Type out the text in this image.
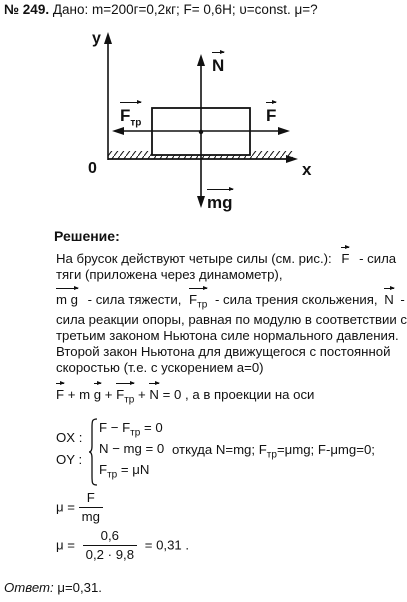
№ 249. Дано: m=200г=0,2кг; F= 0,6Н; υ=const. μ=?
y
x
0
N
mg
F
$F_{тр}$
Решение:
На брусок действуют четыре силы (см. рис.): F - сила
тяги (приложена через динамометр),
m g - сила тяжести, $F_{тр}$ - сила трения скольжения, N -
сила реакции опоры, равная по модулю в соответствии с
третьим законом Ньютона силе нормального давления.
Второй закон Ньютона для движущегося с постоянной
скоростью (т.е. с ускорением a=0)
F + m $g + F_{тр} + N = 0$ , а в проекции на оси
OX :
OY :
$F - F_{тр} = 0$
N − mg = 0
$F_{тр} = \mu N$
откуда N=mg; $F_{тр}=\mu mg$; F-μmg=0;
$\mu = \frac{F}{mg}$
$\mu = \frac{0,6}{0,2 \cdot 9,8} = 0,31$ .
Ответ: μ=0,31.
